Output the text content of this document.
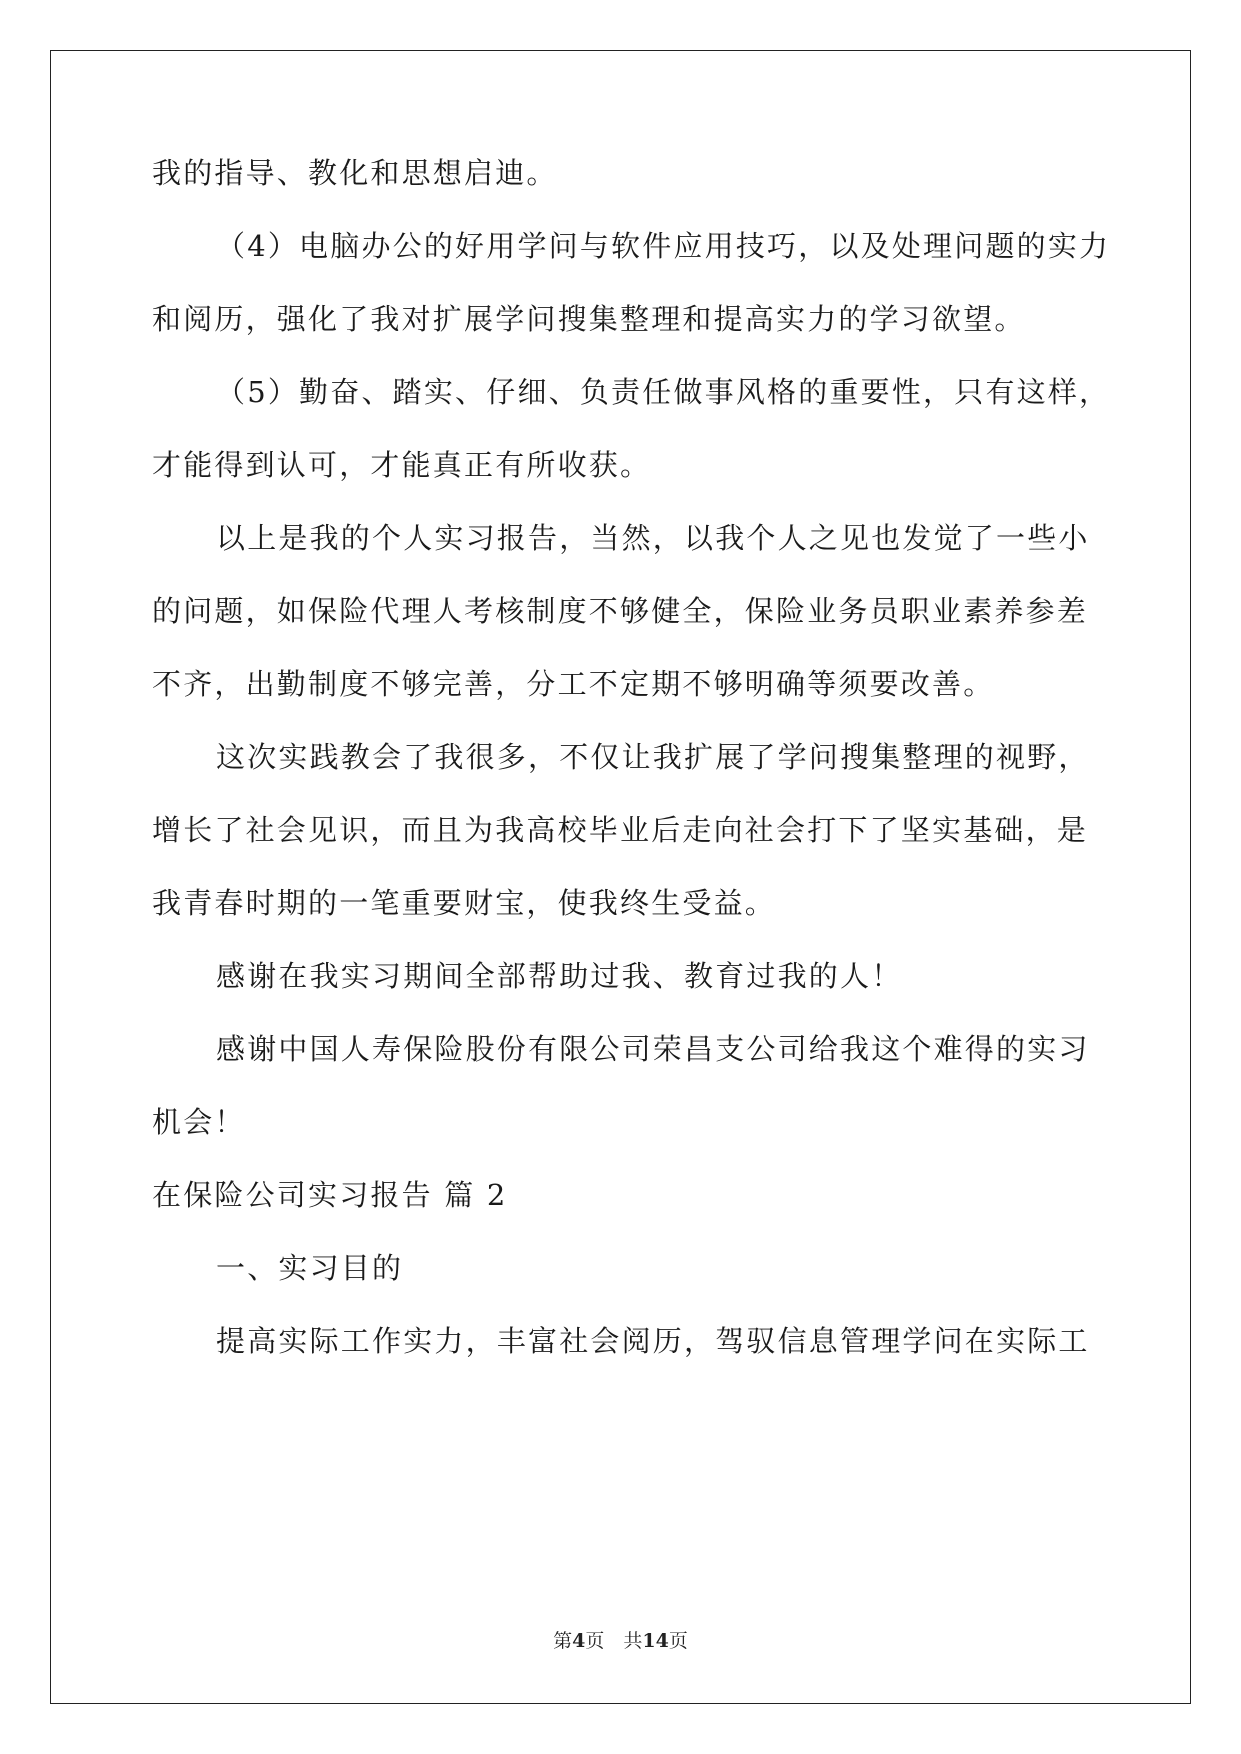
我的指导、教化和思想启迪。
（4）电脑办公的好用学问与软件应用技巧，以及处理问题的实力
和阅历，强化了我对扩展学问搜集整理和提高实力的学习欲望。
（5）勤奋、踏实、仔细、负责任做事风格的重要性，只有这样，
才能得到认可，才能真正有所收获。
以上是我的个人实习报告，当然，以我个人之见也发觉了一些小
的问题，如保险代理人考核制度不够健全，保险业务员职业素养参差
不齐，出勤制度不够完善，分工不定期不够明确等须要改善。
这次实践教会了我很多，不仅让我扩展了学问搜集整理的视野，
增长了社会见识，而且为我高校毕业后走向社会打下了坚实基础，是
我青春时期的一笔重要财宝，使我终生受益。
感谢在我实习期间全部帮助过我、教育过我的人！
感谢中国人寿保险股份有限公司荣昌支公司给我这个难得的实习
机会！
在保险公司实习报告 篇 2
一、实习目的
提高实际工作实力，丰富社会阅历，驾驭信息管理学问在实际工
第4页　共14页
